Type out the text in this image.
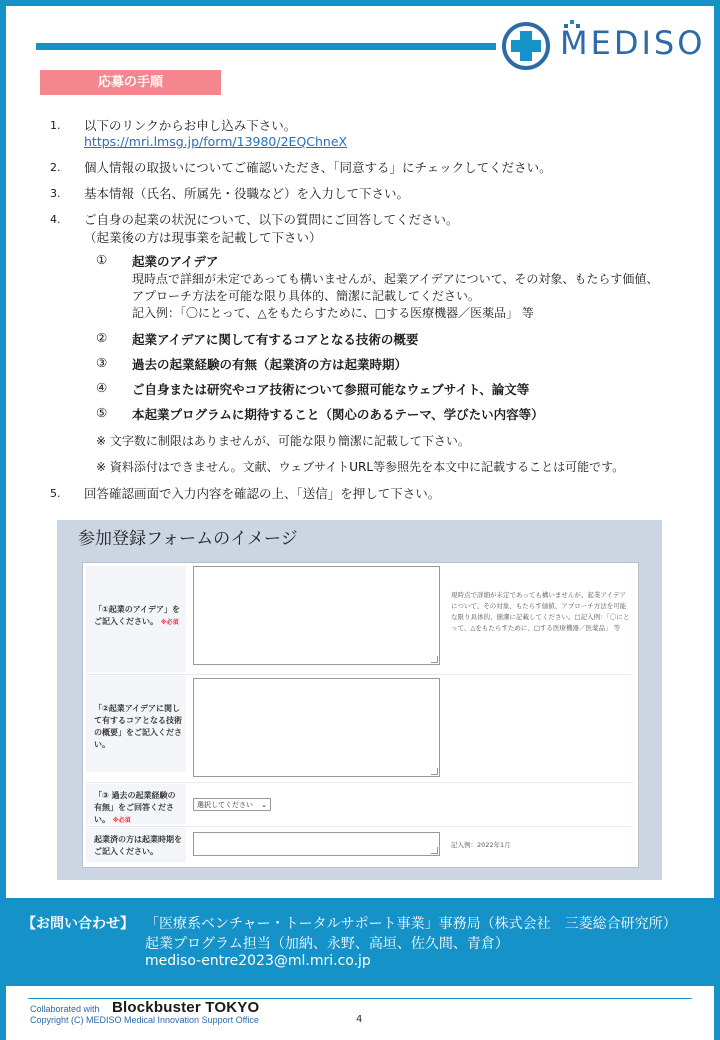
MEDISO
応募の手順
1. 以下のリンクからお申し込み下さい。
https://mri.lmsg.jp/form/13980/2EQChneX
2. 個人情報の取扱いについてご確認いただき、「同意する」にチェックしてください。
3. 基本情報（氏名、所属先・役職など）を入力して下さい。
4. ご自身の起業の状況について、以下の質問にご回答してください。
（起業後の方は現事業を記載して下さい）
① 起業のアイデア
現時点で詳細が未定であっても構いませんが、起業アイデアについて、その対象、もたらす価値、
アプローチ方法を可能な限り具体的、簡潔に記載してください。
記入例：「〇にとって、△をもたらすために、□する医療機器／医薬品」 等
② 起業アイデアに関して有するコアとなる技術の概要
③ 過去の起業経験の有無（起業済の方は起業時期）
④ ご自身または研究やコア技術について参照可能なウェブサイト、論文等
⑤ 本起業プログラムに期待すること（関心のあるテーマ、学びたい内容等）
※ 文字数に制限はありませんが、可能な限り簡潔に記載して下さい。
※ 資料添付はできません。文献、ウェブサイトURL等参照先を本文中に記載することは可能です。
5. 回答確認画面で入力内容を確認の上、「送信」を押して下さい。
参加登録フォームのイメージ
「①起業のアイデア」をご記入ください。 ※必須
現時点で詳細が未定であっても構いませんが、起業アイデアについて、その対象、もたらす価値、アプローチ方法を可能な限り具体的、簡潔に記載してください。□記入例：「〇にとって、△をもたらすために、□する医療機器／医薬品」 等
「②起業アイデアに関して有するコアとなる技術の概要」をご記入ください。
「③ 過去の起業経験の有無」をご回答ください。 ※必須
選択してください ⌄
起業済の方は起業時期をご記入ください。
記入例：2022年1月
【お問い合わせ】 「医療系ベンチャー・トータルサポート事業」事務局（株式会社　三菱総合研究所）
起業プログラム担当（加納、永野、高垣、佐久間、青倉）
mediso-entre2023@ml.mri.co.jp
Collaborated with Blockbuster TOKYO
Copyright (C) MEDISO Medical Innovation Support Office	4
